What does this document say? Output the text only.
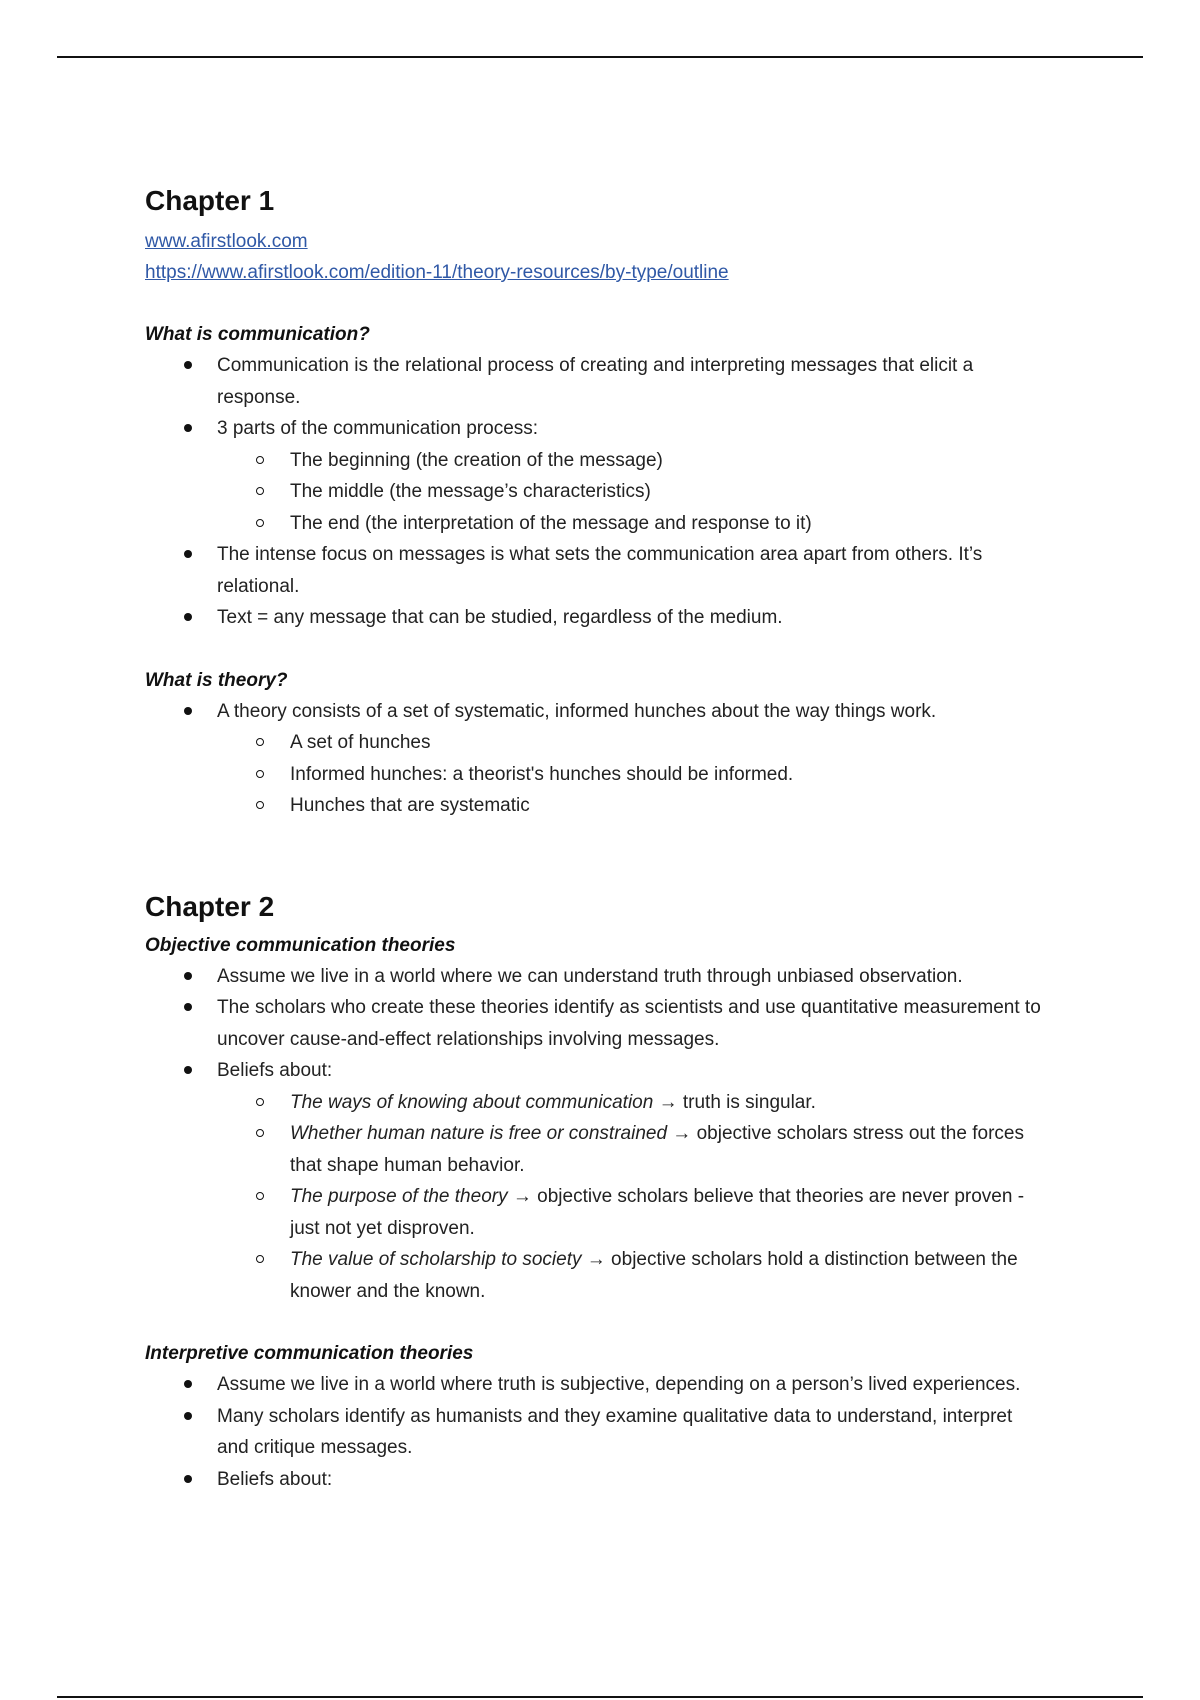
Chapter 1
www.afirstlook.com
https://www.afirstlook.com/edition-11/theory-resources/by-type/outline

What is communication?

Communication is the relational process of creating and interpreting messages that elicit a response.
3 parts of the communication process:
The beginning (the creation of the message)
The middle (the message’s characteristics)
The end (the interpretation of the message and response to it)
The intense focus on messages is what sets the communication area apart from others. It’s relational.
Text = any message that can be studied, regardless of the medium.

What is theory?

A theory consists of a set of systematic, informed hunches about the way things work.
A set of hunches
Informed hunches: a theorist's hunches should be informed.
Hunches that are systematic
Chapter 2

Objective communication theories

Assume we live in a world where we can understand truth through unbiased observation.
The scholars who create these theories identify as scientists and use quantitative measurement to uncover cause-and-effect relationships involving messages.
Beliefs about:
The ways of knowing about communication → truth is singular.
Whether human nature is free or constrained → objective scholars stress out the forces that shape human behavior.
The purpose of the theory → objective scholars believe that theories are never proven - just not yet disproven.
The value of scholarship to society → objective scholars hold a distinction between the knower and the known.

Interpretive communication theories

Assume we live in a world where truth is subjective, depending on a person’s lived experiences.
Many scholars identify as humanists and they examine qualitative data to understand, interpret and critique messages.
Beliefs about:
